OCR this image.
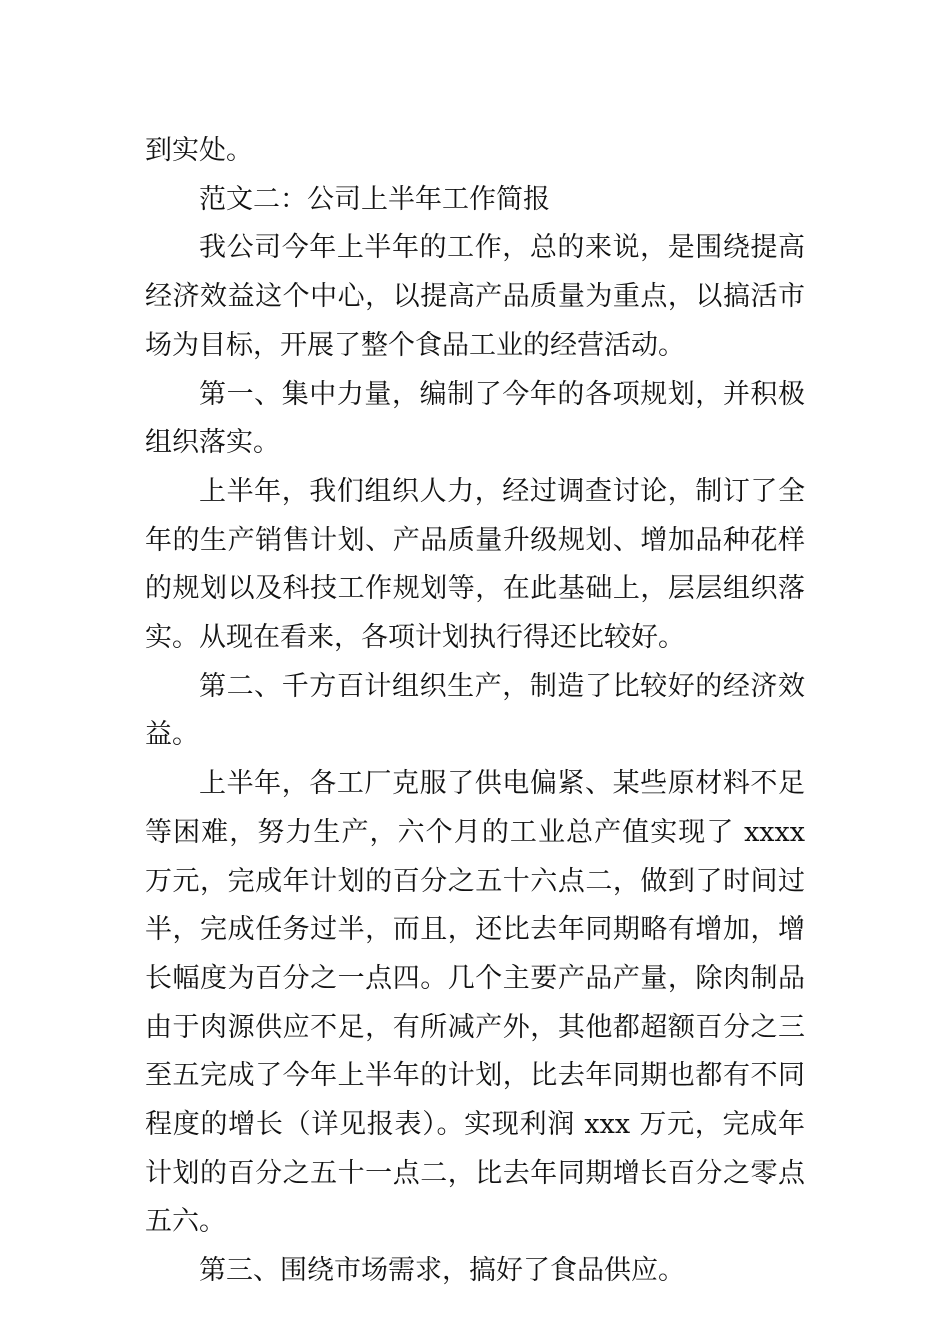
到实处。

范文二：公司上半年工作简报

我公司今年上半年的工作，总的来说，是围绕提高经济效益这个中心，以提高产品质量为重点，以搞活市场为目标，开展了整个食品工业的经营活动。

第一、集中力量，编制了今年的各项规划，并积极组织落实。

上半年，我们组织人力，经过调查讨论，制订了全年的生产销售计划、产品质量升级规划、增加品种花样的规划以及科技工作规划等，在此基础上，层层组织落实。从现在看来，各项计划执行得还比较好。

第二、千方百计组织生产，制造了比较好的经济效益。

上半年，各工厂克服了供电偏紧、某些原材料不足等困难，努力生产，六个月的工业总产值实现了 xxxx 万元，完成年计划的百分之五十六点二，做到了时间过半，完成任务过半，而且，还比去年同期略有增加，增长幅度为百分之一点四。几个主要产品产量，除肉制品由于肉源供应不足，有所减产外，其他都超额百分之三至五完成了今年上半年的计划，比去年同期也都有不同程度的增长（详见报表）。实现利润 xxx 万元，完成年计划的百分之五十一点二，比去年同期增长百分之零点五六。

第三、围绕市场需求，搞好了食品供应。
